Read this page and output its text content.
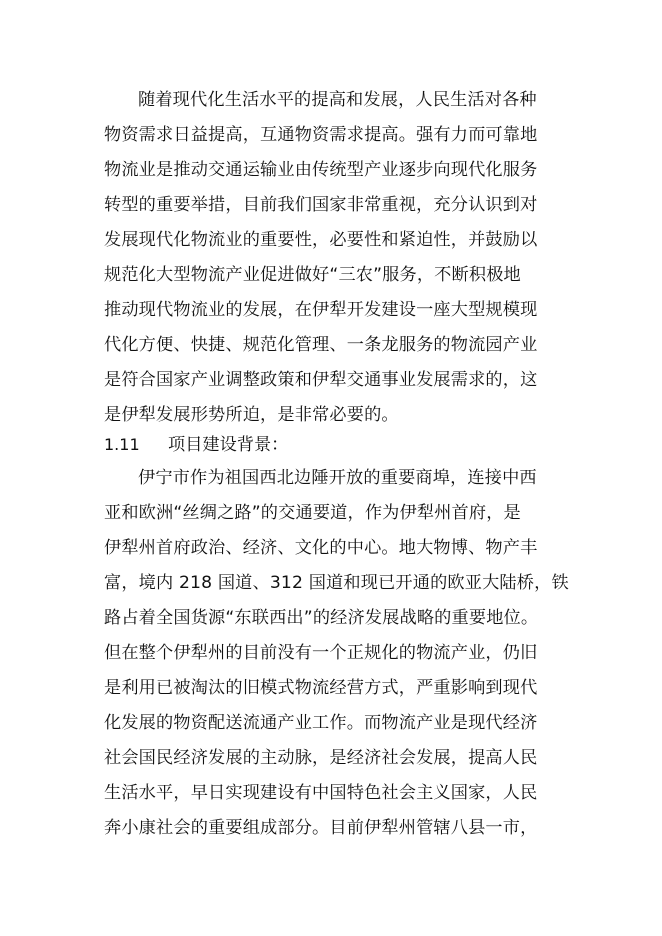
随着现代化生活水平的提高和发展，人民生活对各种
物资需求日益提高，互通物资需求提高。强有力而可靠地
物流业是推动交通运输业由传统型产业逐步向现代化服务
转型的重要举措，目前我们国家非常重视，充分认识到对
发展现代化物流业的重要性，必要性和紧迫性，并鼓励以
规范化大型物流产业促进做好“三农”服务，不断积极地
推动现代物流业的发展，在伊犁开发建设一座大型规模现
代化方便、快捷、规范化管理、一条龙服务的物流园产业
是符合国家产业调整政策和伊犁交通事业发展需求的，这
是伊犁发展形势所迫，是非常必要的。
1.11 项目建设背景：
伊宁市作为祖国西北边陲开放的重要商埠，连接中西
亚和欧洲“丝绸之路”的交通要道，作为伊犁州首府，是
伊犁州首府政治、经济、文化的中心。地大物博、物产丰
富，境内 218 国道、312 国道和现已开通的欧亚大陆桥，铁
路占着全国货源“东联西出”的经济发展战略的重要地位。
但在整个伊犁州的目前没有一个正规化的物流产业，仍旧
是利用已被淘汰的旧模式物流经营方式，严重影响到现代
化发展的物资配送流通产业工作。而物流产业是现代经济
社会国民经济发展的主动脉，是经济社会发展，提高人民
生活水平，早日实现建设有中国特色社会主义国家，人民
奔小康社会的重要组成部分。目前伊犁州管辖八县一市，
